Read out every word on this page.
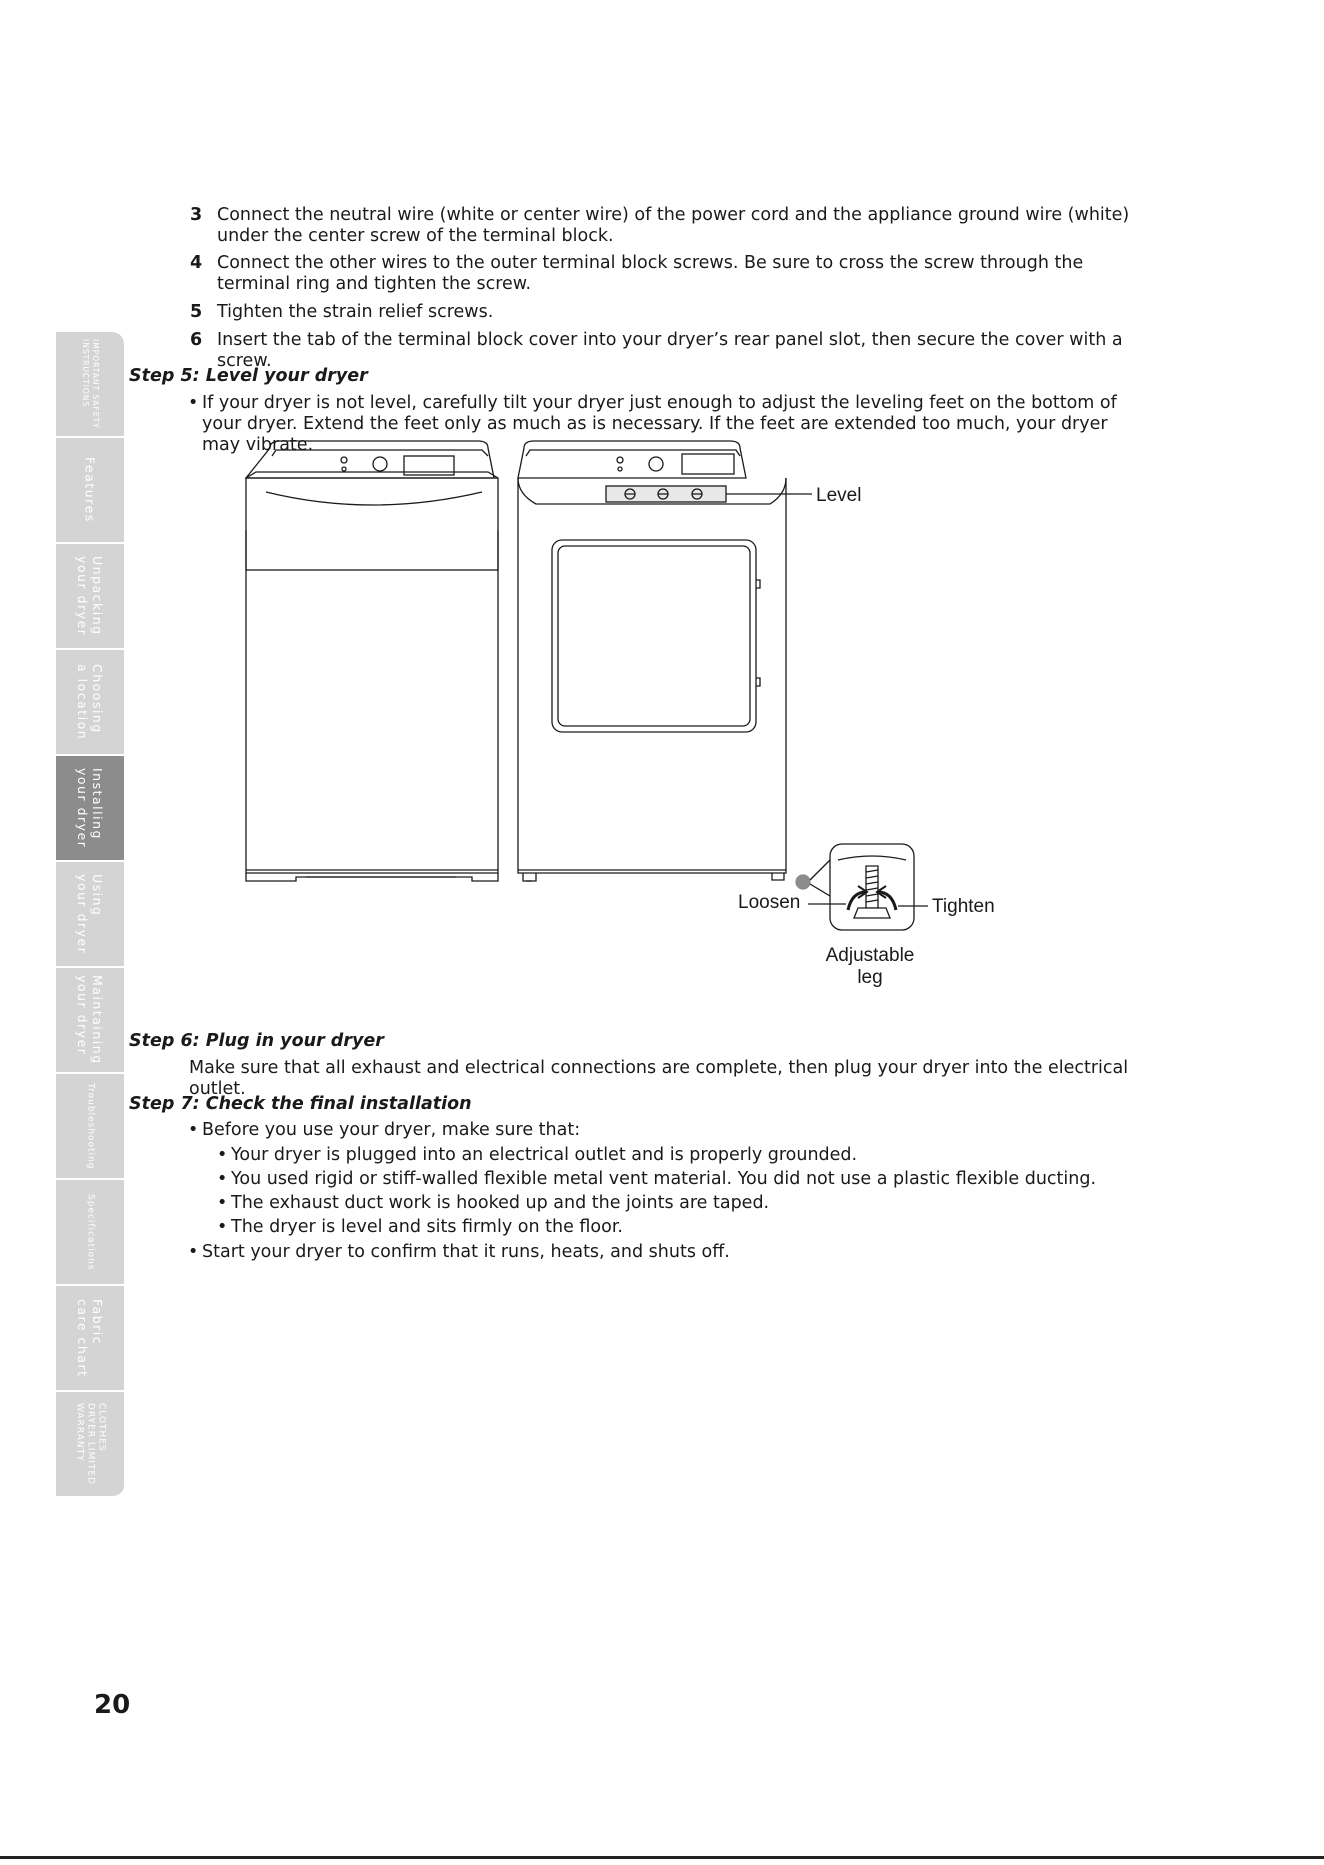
IMPORTANT SAFETY
INSTRUCTIONS
Features
Unpacking
your dryer
Choosing
a location
Installing
your dryer
Using
your dryer
Maintaining
your dryer
Troubleshooting
Specifications
Fabric
care chart
CLOTHES
DRYER LIMITED
WARRANTY
3 Connect the neutral wire (white or center wire) of the power cord and the appliance ground wire (white) under the center screw of the terminal block.
4 Connect the other wires to the outer terminal block screws. Be sure to cross the screw through the terminal ring and tighten the screw.
5 Tighten the strain relief screws.
6 Insert the tab of the terminal block cover into your dryer’s rear panel slot, then secure the cover with a screw.
Step 5: Level your dryer
• If your dryer is not level, carefully tilt your dryer just enough to adjust the leveling feet on the bottom of your dryer. Extend the feet only as much as is necessary. If the feet are extended too much, your dryer may vibrate.
Level
Loosen	Tighten
Adjustable
leg
Step 6: Plug in your dryer
Make sure that all exhaust and electrical connections are complete, then plug your dryer into the electrical outlet.
Step 7: Check the final installation
• Before you use your dryer, make sure that:
• Your dryer is plugged into an electrical outlet and is properly grounded.
• You used rigid or stiff-walled flexible metal vent material. You did not use a plastic flexible ducting.
• The exhaust duct work is hooked up and the joints are taped.
• The dryer is level and sits firmly on the floor.
• Start your dryer to confirm that it runs, heats, and shuts off.
20
